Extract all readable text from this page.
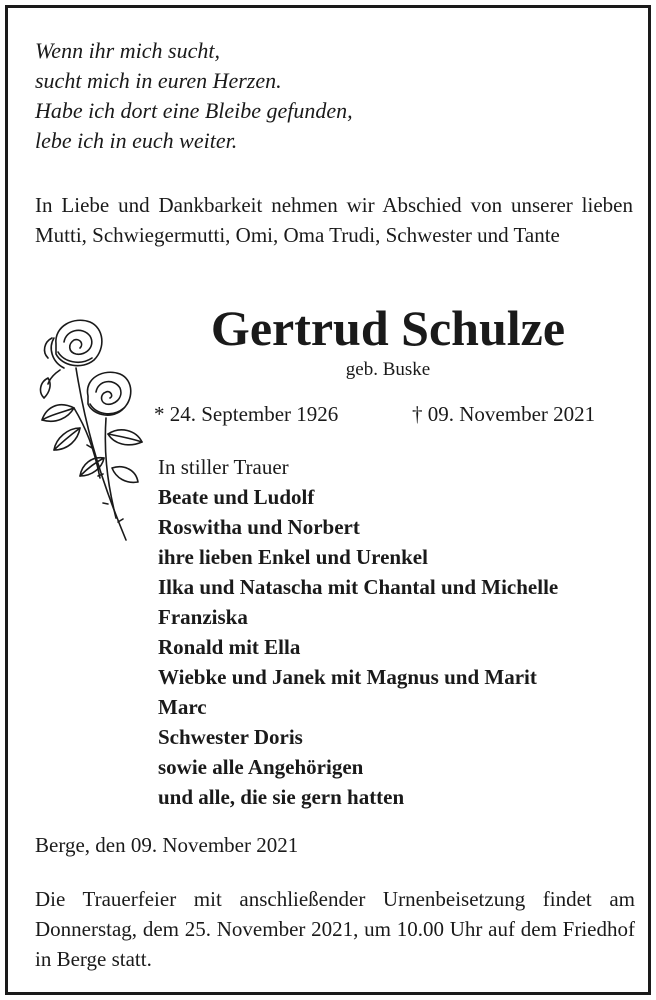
Wenn ihr mich sucht,
sucht mich in euren Herzen.
Habe ich dort eine Bleibe gefunden,
lebe ich in euch weiter.
In Liebe und Dankbarkeit nehmen wir Abschied von unserer lieben Mutti, Schwiegermutti, Omi, Oma Trudi, Schwester und Tante
Gertrud Schulze
geb. Buske
* 24. September 1926	† 09. November 2021
In stiller Trauer
Beate und Ludolf
Roswitha und Norbert
ihre lieben Enkel und Urenkel
Ilka und Natascha mit Chantal und Michelle
Franziska
Ronald mit Ella
Wiebke und Janek mit Magnus und Marit
Marc
Schwester Doris
sowie alle Angehörigen
und alle, die sie gern hatten
Berge, den 09. November 2021
Die Trauerfeier mit anschließender Urnenbeisetzung findet am Donnerstag, dem 25. November 2021, um 10.00 Uhr auf dem Friedhof in Berge statt.
